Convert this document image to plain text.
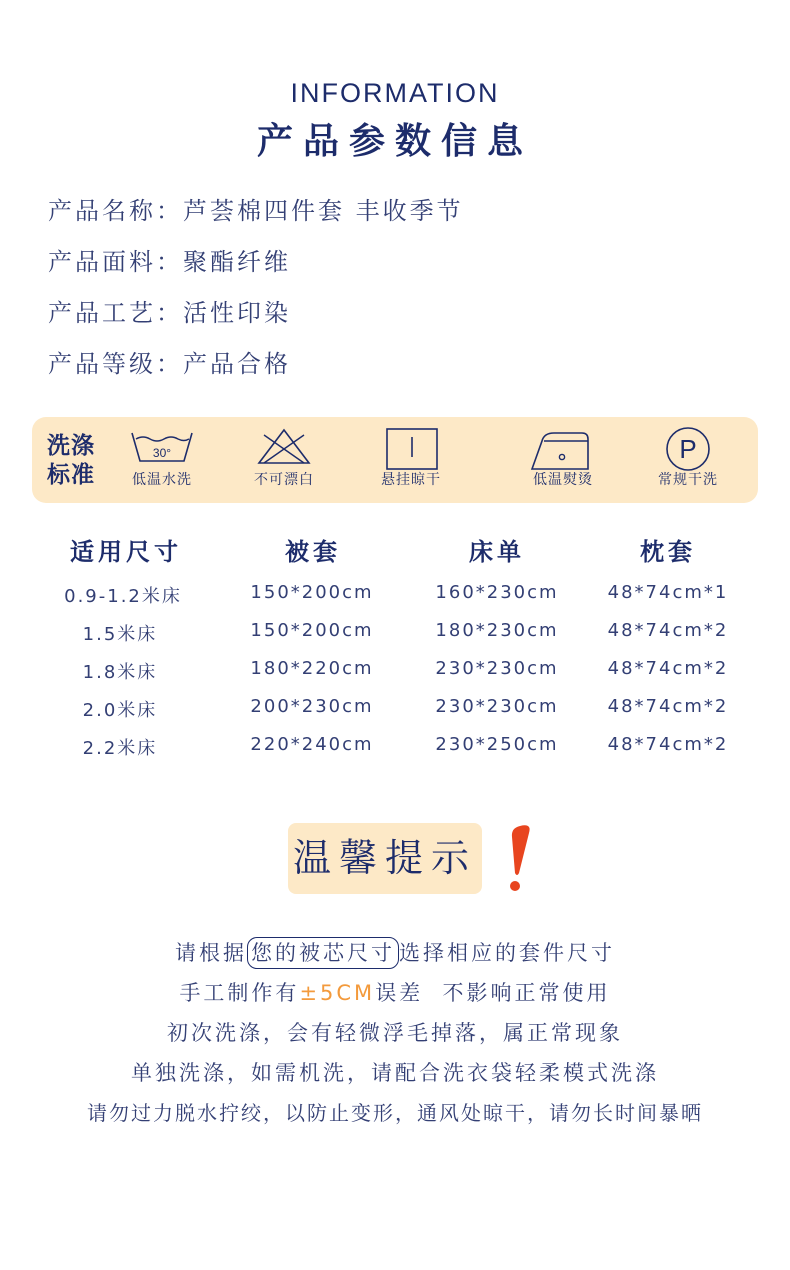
INFORMATION
产品参数信息
产品名称：芦荟棉四件套 丰收季节
产品面料：聚酯纤维
产品工艺：活性印染
产品等级：产品合格
洗涤
标准
30°
低温水洗	不可漂白	悬挂晾干	低温熨烫
P
常规干洗
适用尺寸	被套	床单	枕套
0.9-1.2米床	150*200cm	160*230cm	48*74cm*1
1.5米床	150*200cm	180*230cm	48*74cm*2
1.8米床	180*220cm	230*230cm	48*74cm*2
2.0米床	200*230cm	230*230cm	48*74cm*2
2.2米床	220*240cm	230*250cm	48*74cm*2
温馨提示
请根据 您的被芯尺寸 选择相应的套件尺寸
手工制作有±5CM误差  不影响正常使用
初次洗涤，会有轻微浮毛掉落，属正常现象
单独洗涤，如需机洗，请配合洗衣袋轻柔模式洗涤
请勿过力脱水拧绞，以防止变形，通风处晾干，请勿长时间暴晒
